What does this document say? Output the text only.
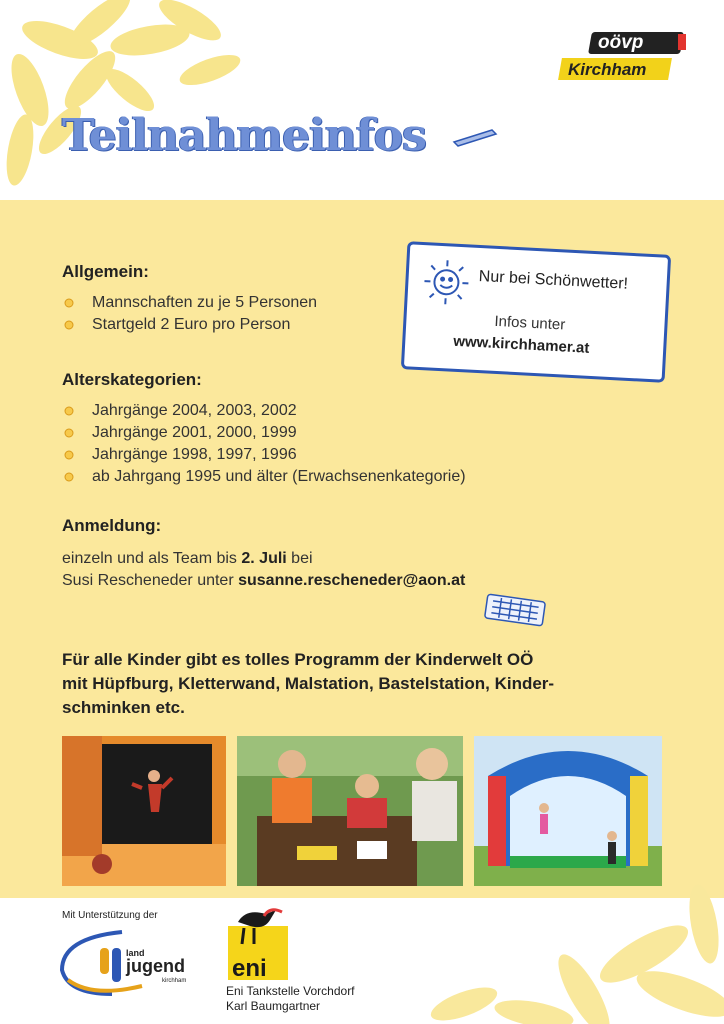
oövp
Kirchham
Teilnahmeinfos
Allgemein:
Mannschaften zu je 5 Personen
Startgeld 2 Euro pro Person
Alterskategorien:
Jahrgänge 2004, 2003, 2002
Jahrgänge 2001, 2000, 1999
Jahrgänge 1998, 1997, 1996
ab Jahrgang 1995 und älter (Erwachsenenkategorie)
Nur bei Schönwetter!
Infos unter
www.kirchhamer.at
Anmeldung:
einzeln und als Team bis 2. Juli bei
Susi Rescheneder unter susanne.rescheneder@aon.at
Für alle Kinder gibt es tolles Programm der Kinderwelt OÖ
mit Hüpfburg, Kletterwand, Malstation, Bastelstation, Kinder-
schminken etc.
Mit Unterstützung der
land
jugend
kirchham eni
Eni Tankstelle Vorchdorf
Karl Baumgartner
